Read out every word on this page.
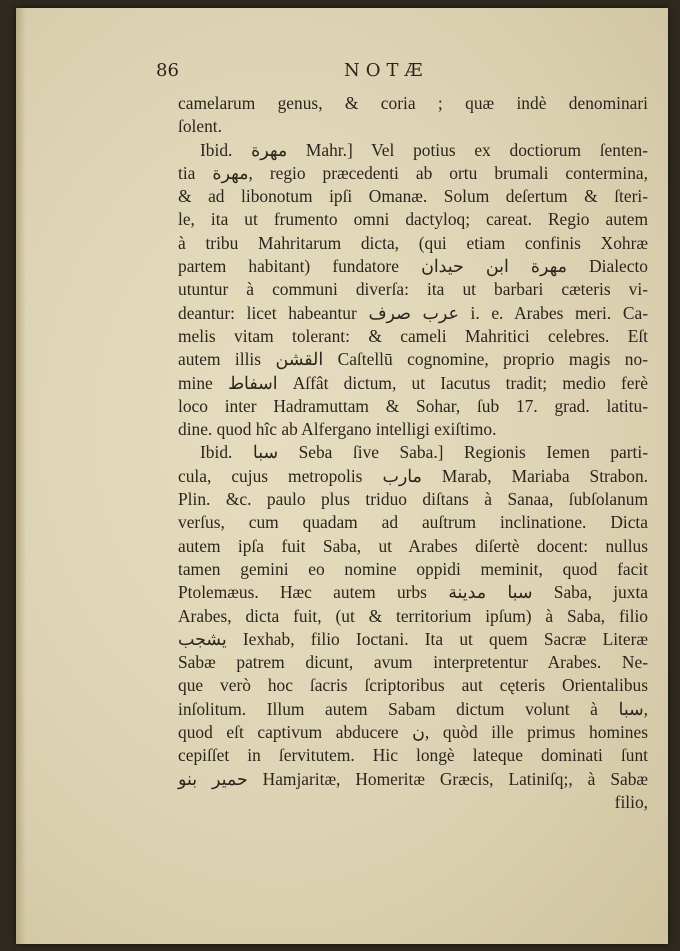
86	NOTÆ
camelarum genus, & coria ; quæ indè denominari
ſolent.
Ibid. مهرة Mahr.] Vel potius ex doctiorum ſenten-
tia مهرة, regio præcedenti ab ortu brumali contermina,
& ad libonotum ipſi Omanæ. Solum deſertum & ſteri-
le, ita ut frumento omni dactyloq; careat. Regio autem
à tribu Mahritarum dicta, (qui etiam confinis Xohræ
partem habitant) fundatore مهرة ابن حيدان Dialecto
utuntur à communi diverſa: ita ut barbari cæteris vi-
deantur: licet habeantur عرب صرف i. e. Arabes meri. Ca-
melis vitam tolerant: & cameli Mahritici celebres. Eſt
autem illis القشن Caſtellū cognomine, proprio magis no-
mine اسفاط Aſfât dictum, ut Iacutus tradit; medio ferè
loco inter Hadramuttam & Sohar, ſub 17. grad. latitu-
dine. quod hîc ab Alfergano intelligi exiſtimo.
Ibid. سبا Seba ſive Saba.] Regionis Iemen parti-
cula, cujus metropolis مارب Marab, Mariaba Strabon.
Plin. &c. paulo plus triduo diſtans à Sanaa, ſubſolanum
verſus, cum quadam ad auſtrum inclinatione. Dicta
autem ipſa fuit Saba, ut Arabes diſertè docent: nullus
tamen gemini eo nomine oppidi meminit, quod facit
Ptolemæus. Hæc autem urbs سبا مدينة Saba, juxta
Arabes, dicta fuit, (ut & territorium ipſum) à Saba, filio
يشجب Iexhab, filio Ioctani. Ita ut quem Sacræ Literæ
Sabæ patrem dicunt, avum interpretentur Arabes. Ne-
que verò hoc ſacris ſcriptoribus aut cęteris Orientalibus
inſolitum. Illum autem Sabam dictum volunt à سبا,
quod eſt captivum abducere ن, quòd ille primus homines
cepiſſet in ſervitutem. Hic longè lateque dominati ſunt
حمير بنو Hamjaritæ, Homeritæ Græcis, Latiniſq;, à Sabæ
filio,
